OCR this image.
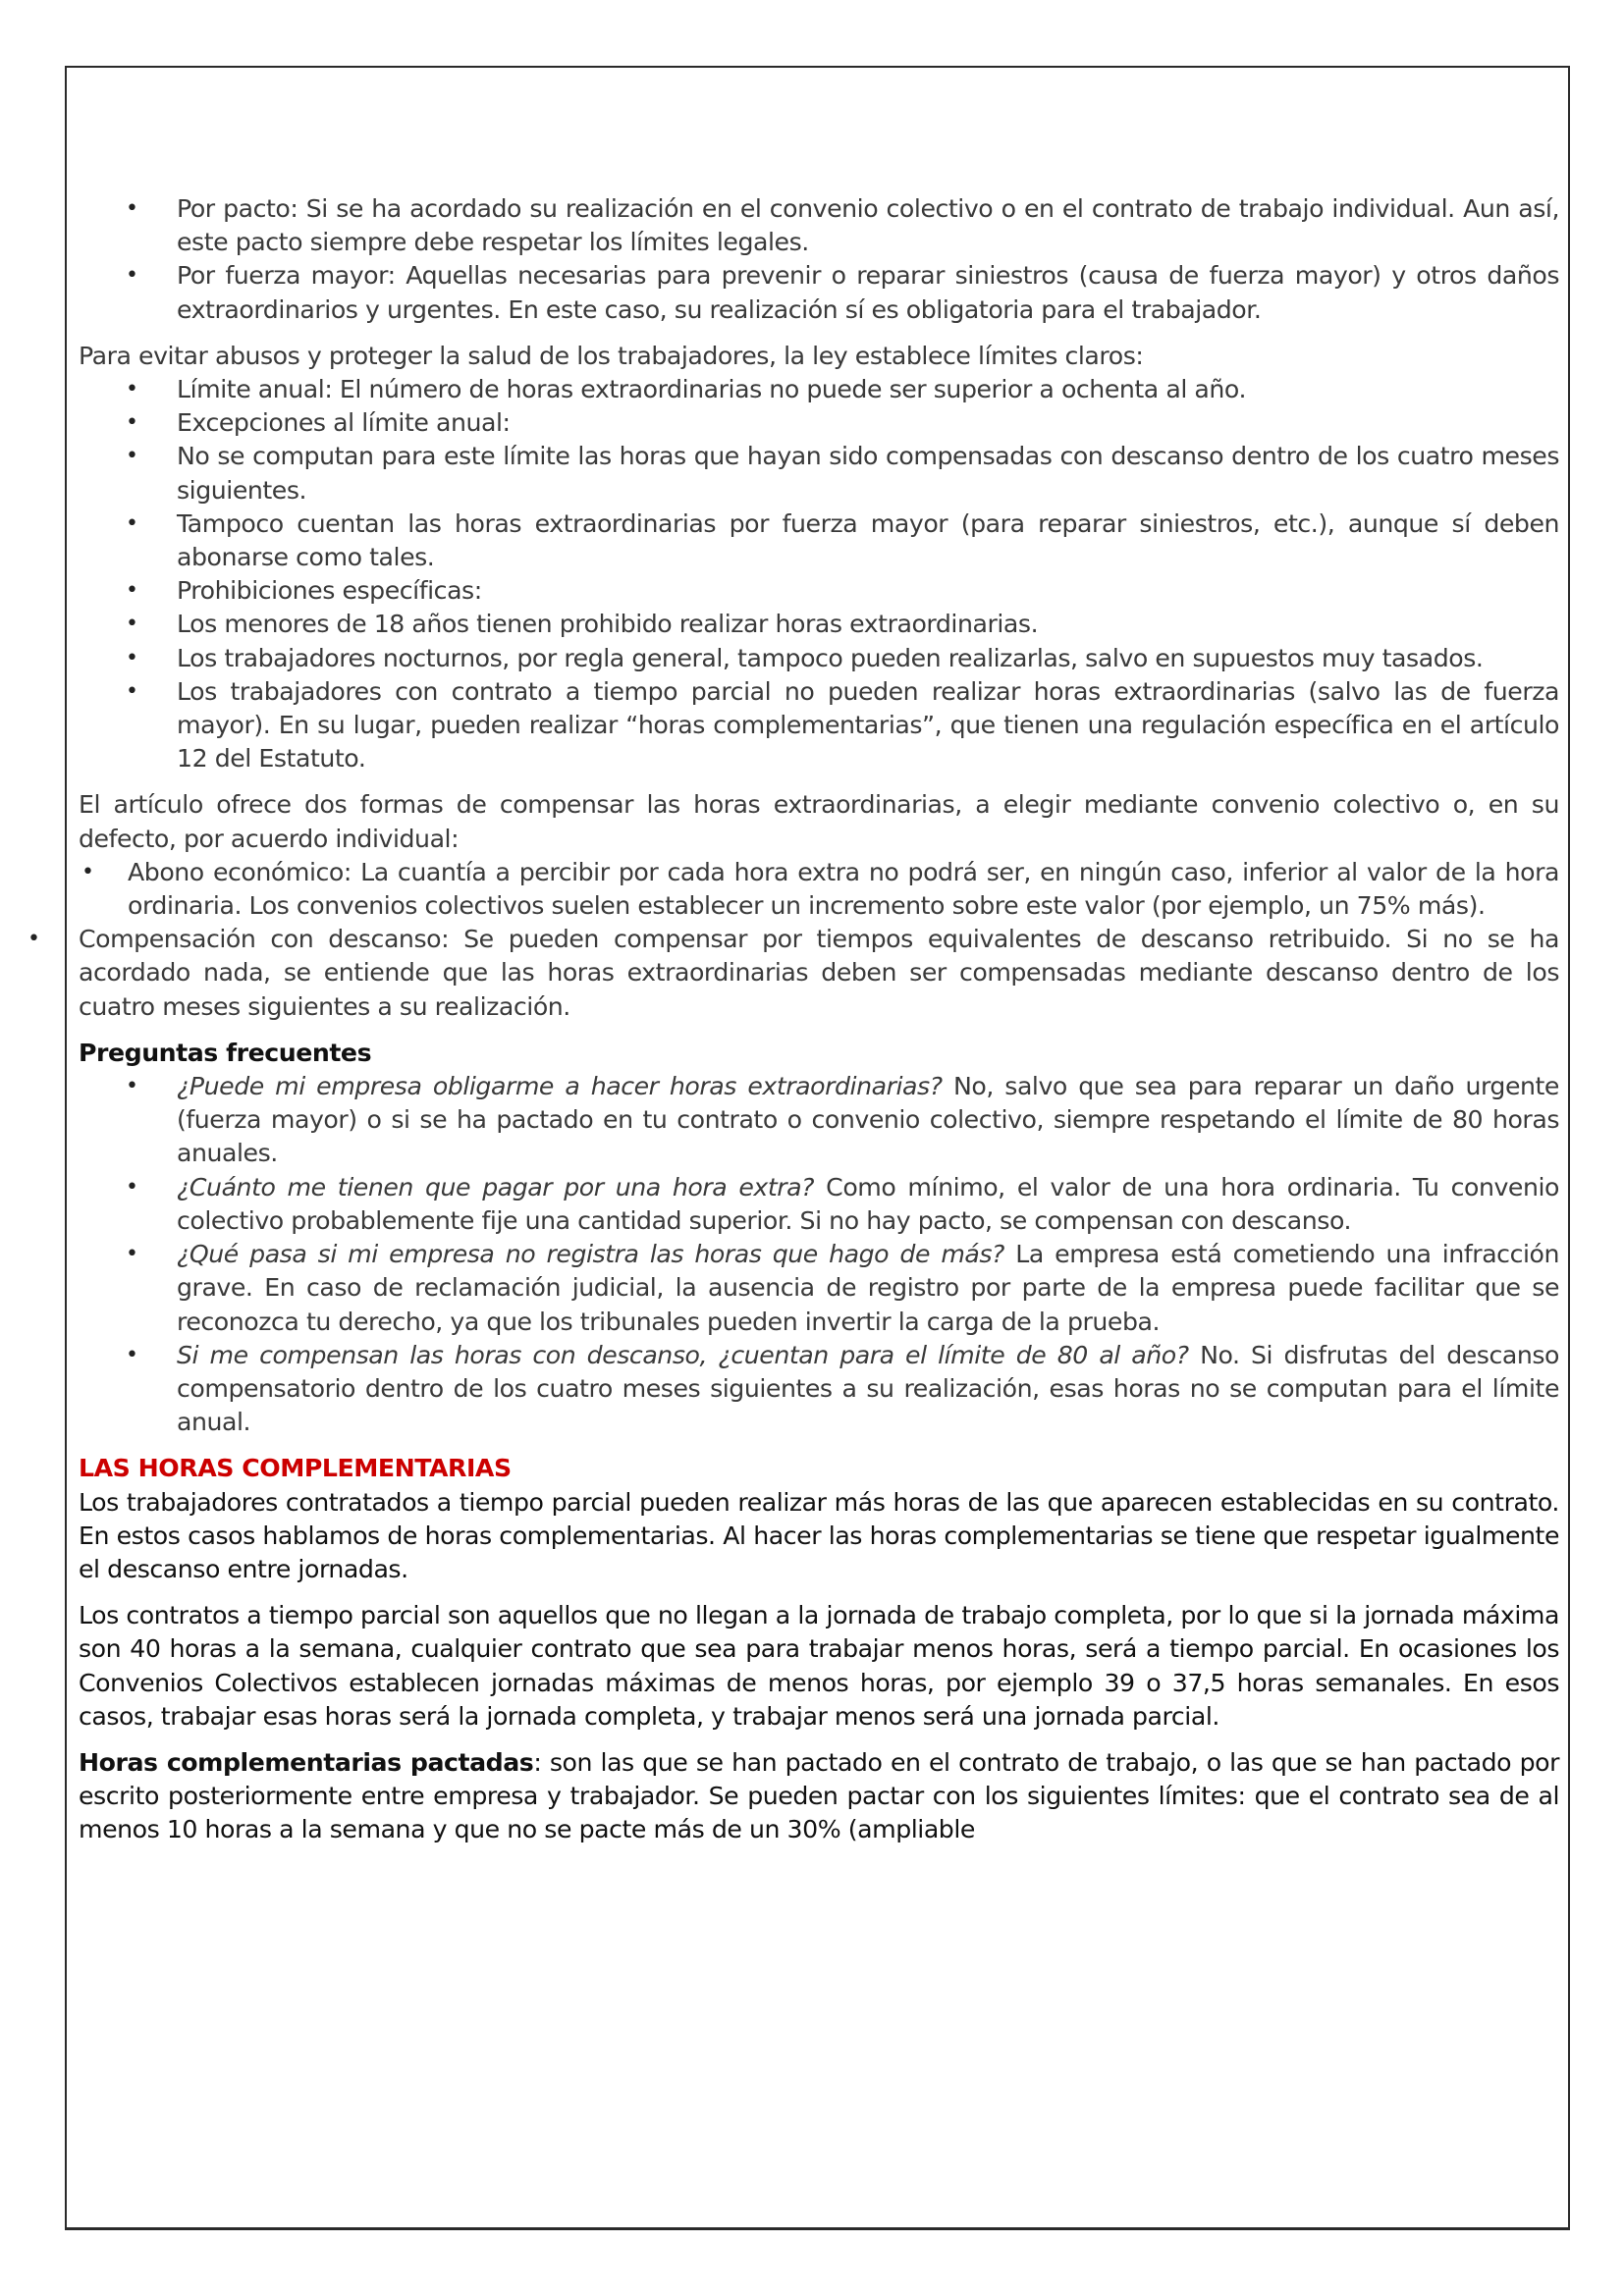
• Por pacto: Si se ha acordado su realización en el convenio colectivo o en el contrato de trabajo individual. Aun así, este pacto siempre debe respetar los límites legales.
• Por fuerza mayor: Aquellas necesarias para prevenir o reparar siniestros (causa de fuerza mayor) y otros daños extraordinarios y urgentes. En este caso, su realización sí es obligatoria para el trabajador.

Para evitar abusos y proteger la salud de los trabajadores, la ley establece límites claros:

• Límite anual: El número de horas extraordinarias no puede ser superior a ochenta al año.
• Excepciones al límite anual:
• No se computan para este límite las horas que hayan sido compensadas con descanso dentro de los cuatro meses siguientes.
• Tampoco cuentan las horas extraordinarias por fuerza mayor (para reparar siniestros, etc.), aunque sí deben abonarse como tales.
• Prohibiciones específicas:
• Los menores de 18 años tienen prohibido realizar horas extraordinarias.
• Los trabajadores nocturnos, por regla general, tampoco pueden realizarlas, salvo en supuestos muy tasados.
• Los trabajadores con contrato a tiempo parcial no pueden realizar horas extraordinarias (salvo las de fuerza mayor). En su lugar, pueden realizar “horas complementarias”, que tienen una regulación específica en el artículo 12 del Estatuto.

El artículo ofrece dos formas de compensar las horas extraordinarias, a elegir mediante convenio colectivo o, en su defecto, por acuerdo individual:

• Abono económico: La cuantía a percibir por cada hora extra no podrá ser, en ningún caso, inferior al valor de la hora ordinaria. Los convenios colectivos suelen establecer un incremento sobre este valor (por ejemplo, un 75% más).

• Compensación con descanso: Se pueden compensar por tiempos equivalentes de descanso retribuido. Si no se ha acordado nada, se entiende que las horas extraordinarias deben ser compensadas mediante descanso dentro de los cuatro meses siguientes a su realización.

Preguntas frecuentes

• ¿Puede mi empresa obligarme a hacer horas extraordinarias? No, salvo que sea para reparar un daño urgente (fuerza mayor) o si se ha pactado en tu contrato o convenio colectivo, siempre respetando el límite de 80 horas anuales.
• ¿Cuánto me tienen que pagar por una hora extra? Como mínimo, el valor de una hora ordinaria. Tu convenio colectivo probablemente fije una cantidad superior. Si no hay pacto, se compensan con descanso.
• ¿Qué pasa si mi empresa no registra las horas que hago de más? La empresa está cometiendo una infracción grave. En caso de reclamación judicial, la ausencia de registro por parte de la empresa puede facilitar que se reconozca tu derecho, ya que los tribunales pueden invertir la carga de la prueba.
• Si me compensan las horas con descanso, ¿cuentan para el límite de 80 al año? No. Si disfrutas del descanso compensatorio dentro de los cuatro meses siguientes a su realización, esas horas no se computan para el límite anual.

LAS HORAS COMPLEMENTARIAS

Los trabajadores contratados a tiempo parcial pueden realizar más horas de las que aparecen establecidas en su contrato. En estos casos hablamos de horas complementarias. Al hacer las horas complementarias se tiene que respetar igualmente el descanso entre jornadas.

Los contratos a tiempo parcial son aquellos que no llegan a la jornada de trabajo completa, por lo que si la jornada máxima son 40 horas a la semana, cualquier contrato que sea para trabajar menos horas, será a tiempo parcial. En ocasiones los Convenios Colectivos establecen jornadas máximas de menos horas, por ejemplo 39 o 37,5 horas semanales. En esos casos, trabajar esas horas será la jornada completa, y trabajar menos será una jornada parcial.

Horas complementarias pactadas: son las que se han pactado en el contrato de trabajo, o las que se han pactado por escrito posteriormente entre empresa y trabajador. Se pueden pactar con los siguientes límites: que el contrato sea de al menos 10 horas a la semana y que no se pacte más de un 30% (ampliable
